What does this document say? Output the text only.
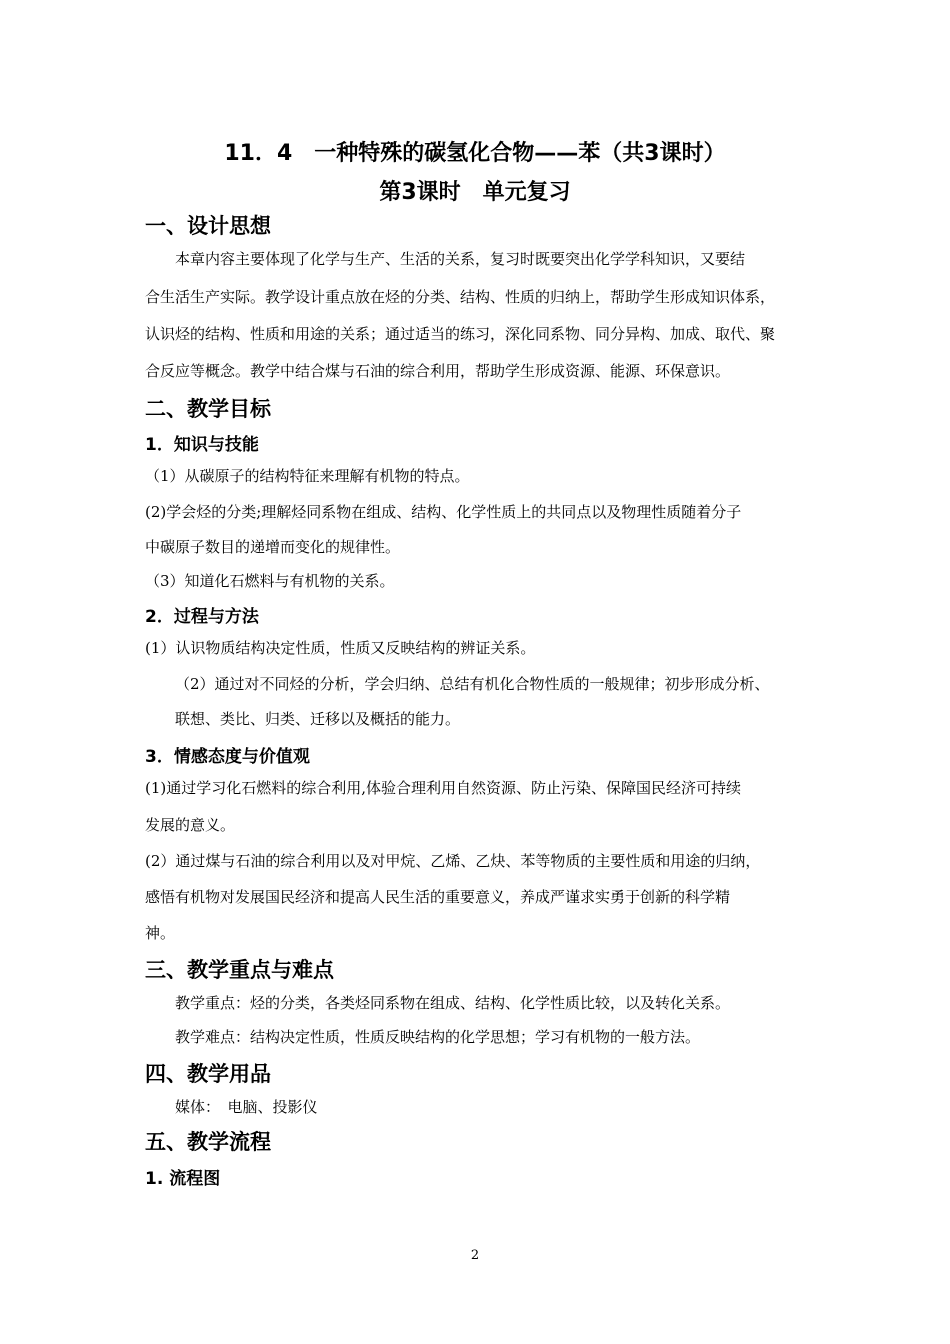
11．4　一种特殊的碳氢化合物——苯（共3课时）
第3课时　单元复习
一、设计思想
本章内容主要体现了化学与生产、生活的关系，复习时既要突出化学学科知识，又要结
合生活生产实际。教学设计重点放在烃的分类、结构、性质的归纳上，帮助学生形成知识体系，
认识烃的结构、性质和用途的关系；通过适当的练习，深化同系物、同分异构、加成、取代、聚
合反应等概念。教学中结合煤与石油的综合利用，帮助学生形成资源、能源、环保意识。
二、教学目标
1．知识与技能
（1）从碳原子的结构特征来理解有机物的特点。
(2)学会烃的分类;理解烃同系物在组成、结构、化学性质上的共同点以及物理性质随着分子
中碳原子数目的递增而变化的规律性。
（3）知道化石燃料与有机物的关系。
2．过程与方法
(1）认识物质结构决定性质，性质又反映结构的辨证关系。
（2）通过对不同烃的分析，学会归纳、总结有机化合物性质的一般规律；初步形成分析、
联想、类比、归类、迁移以及概括的能力。
3．情感态度与价值观
(1)通过学习化石燃料的综合利用,体验合理利用自然资源、防止污染、保障国民经济可持续
发展的意义。
(2）通过煤与石油的综合利用以及对甲烷、乙烯、乙炔、苯等物质的主要性质和用途的归纳，
感悟有机物对发展国民经济和提高人民生活的重要意义，养成严谨求实勇于创新的科学精
神。
三、教学重点与难点
教学重点：烃的分类，各类烃同系物在组成、结构、化学性质比较，以及转化关系。
教学难点：结构决定性质，性质反映结构的化学思想；学习有机物的一般方法。
四、教学用品
媒体：　电脑、投影仪
五、教学流程
1. 流程图
2
